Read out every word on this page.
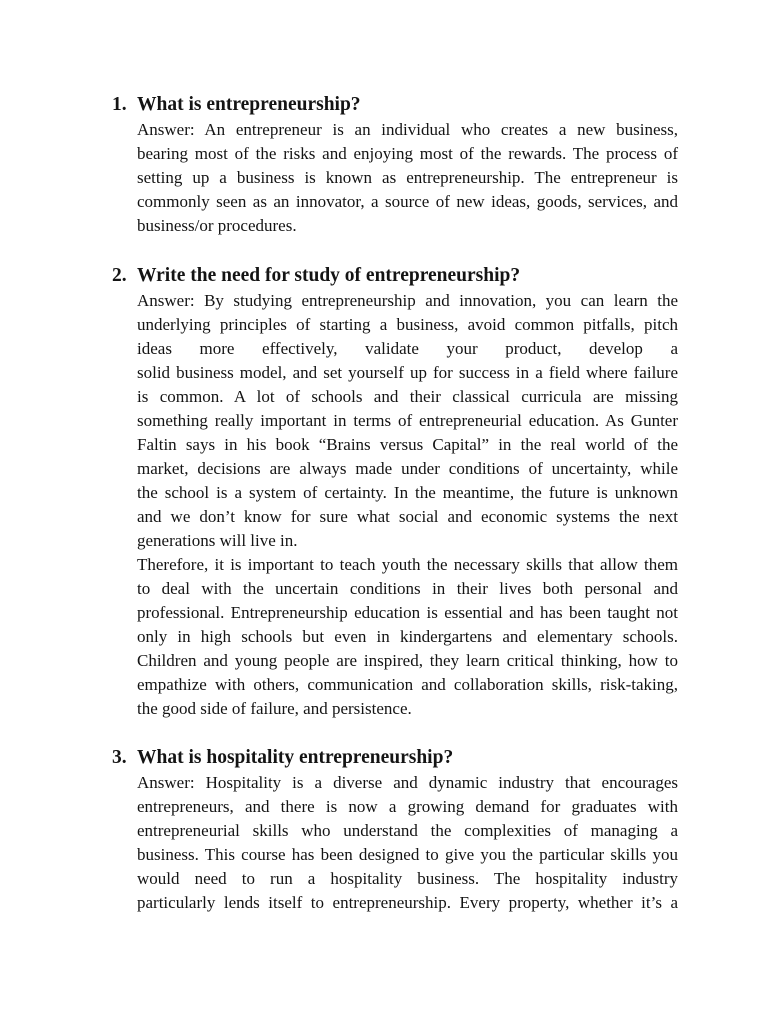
1. What is entrepreneurship?
Answer: An entrepreneur is an individual who creates a new business,
bearing most of the risks and enjoying most of the rewards. The process of
setting up a business is known as entrepreneurship. The entrepreneur is
commonly seen as an innovator, a source of new ideas, goods, services, and
business/or procedures.
2. Write the need for study of entrepreneurship?
Answer: By studying entrepreneurship and innovation, you can learn the
underlying principles of starting a business, avoid common pitfalls, pitch
ideas more effectively, validate your product, develop a
solid business model, and set yourself up for success in a field where failure
is common. A lot of schools and their classical curricula are missing
something really important in terms of entrepreneurial education. As Gunter
Faltin says in his book “Brains versus Capital” in the real world of the
market, decisions are always made under conditions of uncertainty, while
the school is a system of certainty. In the meantime, the future is unknown
and we don’t know for sure what social and economic systems the next
generations will live in.
Therefore, it is important to teach youth the necessary skills that allow them
to deal with the uncertain conditions in their lives both personal and
professional. Entrepreneurship education is essential and has been taught not
only in high schools but even in kindergartens and elementary schools.
Children and young people are inspired, they learn critical thinking, how to
empathize with others, communication and collaboration skills, risk-taking,
the good side of failure, and persistence.
3. What is hospitality entrepreneurship?
Answer: Hospitality is a diverse and dynamic industry that encourages
entrepreneurs, and there is now a growing demand for graduates with
entrepreneurial skills who understand the complexities of managing a
business. This course has been designed to give you the particular skills you
would need to run a hospitality business. The hospitality industry
particularly lends itself to entrepreneurship. Every property, whether it’s a
